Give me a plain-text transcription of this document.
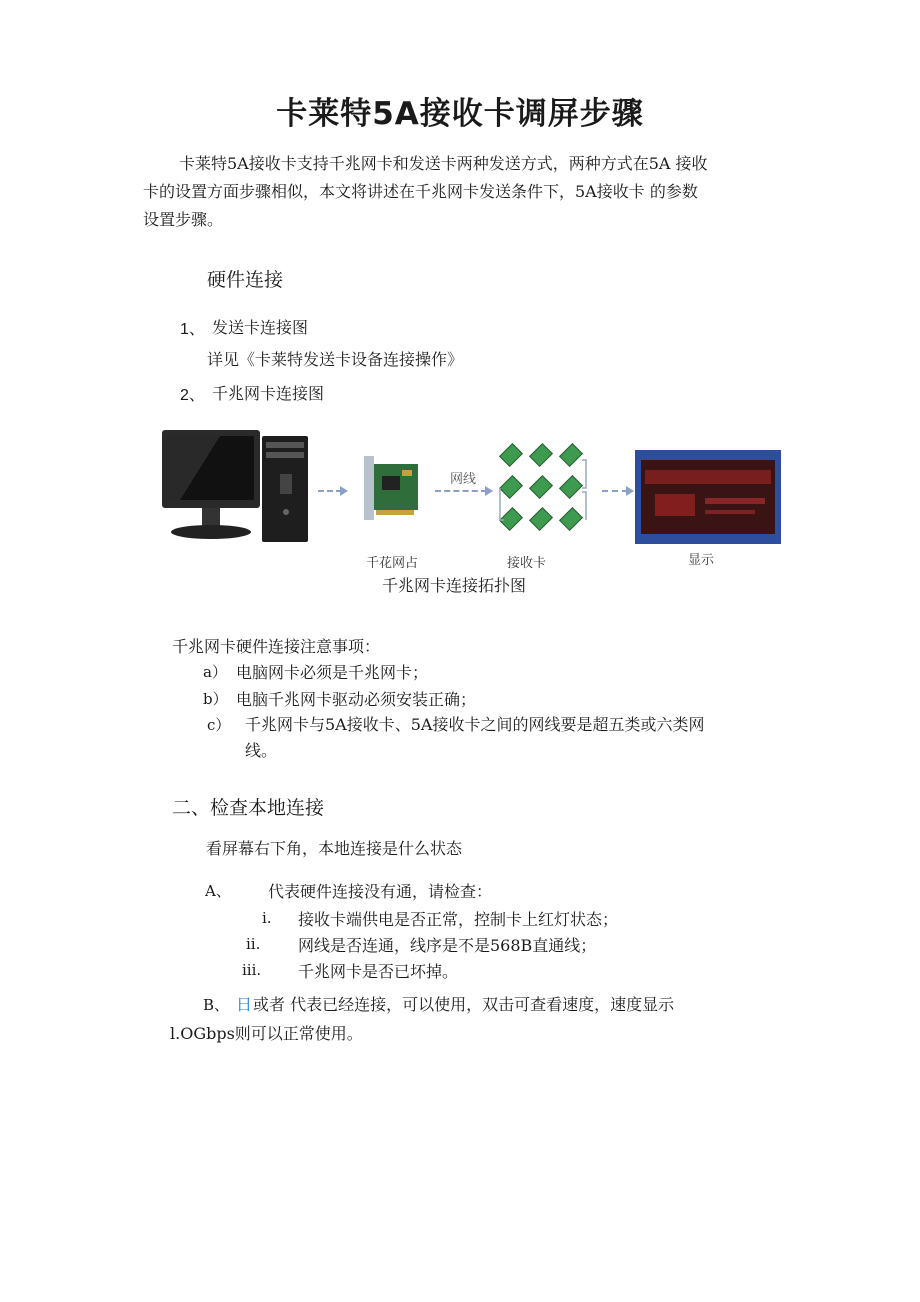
卡莱特5A接收卡调屏步骤

卡莱特5A接收卡支持千兆网卡和发送卡两种发送方式，两种方式在5A 接收

卡的设置方面步骤相似，本文将讲述在千兆网卡发送条件下，5A接收卡 的参数

设置步骤。

硬件连接
1、 发送卡连接图
详见《卡莱特发送卡设备连接操作》
2、 千兆网卡连接图
网线
千花网占	接收卡	显示
千兆网卡连接拓扑图
千兆网卡硬件连接注意事项：
a） 电脑网卡必须是千兆网卡；
b） 电脑千兆网卡驱动必须安装正确；
c） 千兆网卡与5A接收卡、5A接收卡之间的网线要是超五类或六类网
线。
二、检查本地连接
看屏幕右下角，本地连接是什么状态
A、 代表硬件连接没有通，请检查：
i. 接收卡端供电是否正常，控制卡上红灯状态；
ii. 网线是否连通，线序是不是568B直通线；
iii. 千兆网卡是否已坏掉。
B、 日 或者 代表已经连接，可以使用，双击可查看速度，速度显示
l.OGbps则可以正常使用。
